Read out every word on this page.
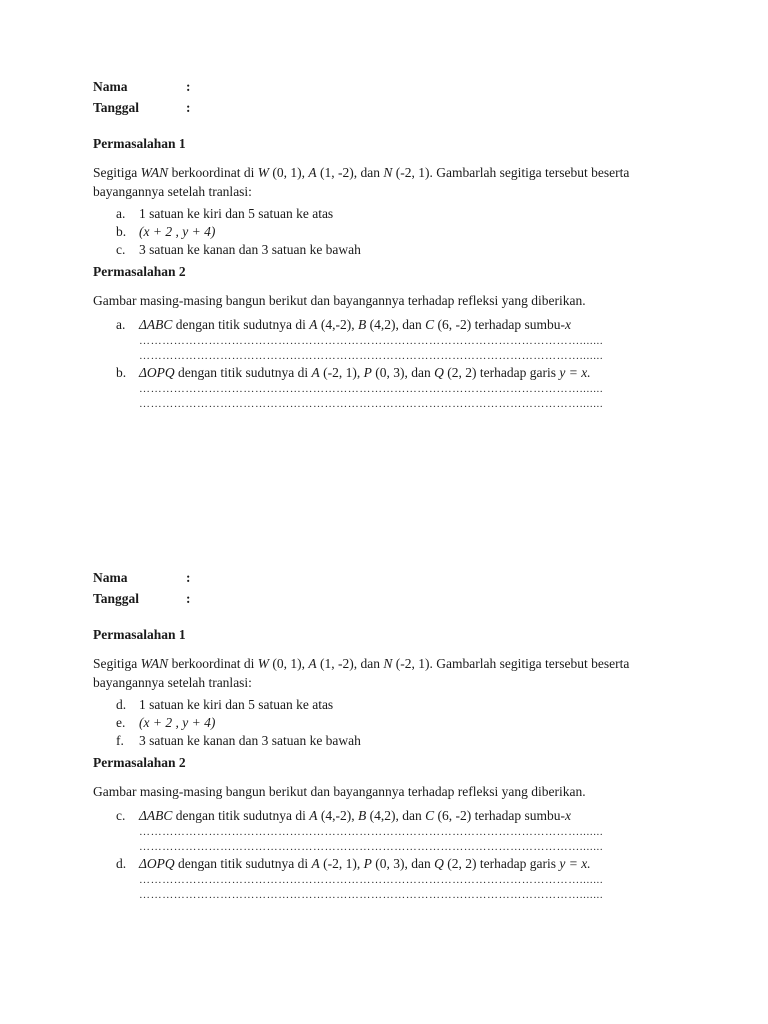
Nama	:
Tanggal	:
Permasalahan 1
Segitiga WAN berkoordinat di W (0, 1), A (1, -2), dan N (-2, 1). Gambarlah segitiga tersebut beserta bayangannya setelah tranlasi:
a. 1 satuan ke kiri dan 5 satuan ke atas
b. (x + 2 , y + 4)
c. 3 satuan ke kanan dan 3 satuan ke bawah
Permasalahan 2
Gambar masing-masing bangun berikut dan bayangannya terhadap refleksi yang diberikan.
a. ΔABC dengan titik sudutnya di A (4,-2), B (4,2), dan C (6, -2) terhadap sumbu-x
…………………………………………………………………………………………………….......
…………………………………………………………………………………………………….......
b. ΔOPQ dengan titik sudutnya di A (-2, 1), P (0, 3), dan Q (2, 2) terhadap garis y = x.
…………………………………………………………………………………………………….......
…………………………………………………………………………………………………….......
Nama	:
Tanggal	:
Permasalahan 1
Segitiga WAN berkoordinat di W (0, 1), A (1, -2), dan N (-2, 1). Gambarlah segitiga tersebut beserta bayangannya setelah tranlasi:
d. 1 satuan ke kiri dan 5 satuan ke atas
e. (x + 2 , y + 4)
f. 3 satuan ke kanan dan 3 satuan ke bawah
Permasalahan 2
Gambar masing-masing bangun berikut dan bayangannya terhadap refleksi yang diberikan.
c. ΔABC dengan titik sudutnya di A (4,-2), B (4,2), dan C (6, -2) terhadap sumbu-x
…………………………………………………………………………………………………….......
…………………………………………………………………………………………………….......
d. ΔOPQ dengan titik sudutnya di A (-2, 1), P (0, 3), dan Q (2, 2) terhadap garis y = x.
…………………………………………………………………………………………………….......
…………………………………………………………………………………………………….......
